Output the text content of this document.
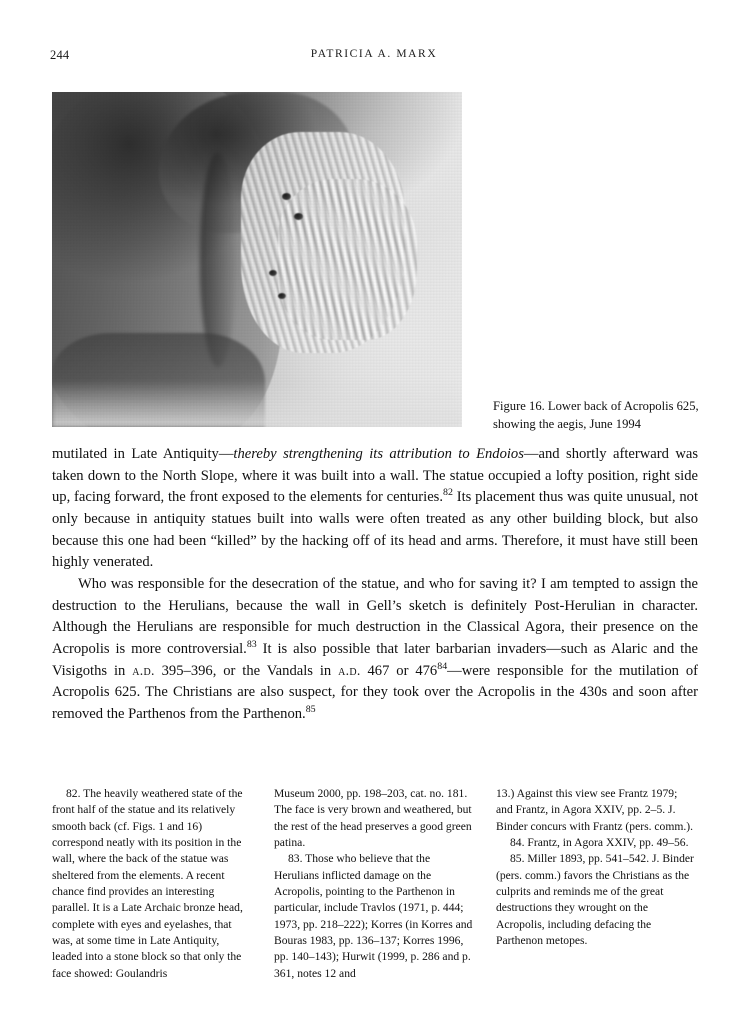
244	PATRICIA A. MARX
Figure 16. Lower back of Acropolis 625, showing the aegis, June 1994

mutilated in Late Antiquity—thereby strengthening its attribution to Endoios—and shortly afterward was taken down to the North Slope, where it was built into a wall. The statue occupied a lofty position, right side up, facing forward, the front exposed to the elements for centuries.$^{82}$ Its placement thus was quite unusual, not only because in antiquity statues built into walls were often treated as any other building block, but also because this one had been “killed” by the hacking off of its head and arms. Therefore, it must have still been highly venerated.

Who was responsible for the desecration of the statue, and who for saving it? I am tempted to assign the destruction to the Herulians, because the wall in Gell’s sketch is definitely Post-Herulian in character. Although the Herulians are responsible for much destruction in the Classical Agora, their presence on the Acropolis is more controversial.$^{83}$ It is also possible that later barbarian invaders—such as Alaric and the Visigoths in a.d. 395–396, or the Vandals in a.d. 467 or $476^{84}—were$ responsible for the mutilation of Acropolis 625. The Christians are also suspect, for they took over the Acropolis in the 430s and soon after removed the Parthenos from the Parthenon.$^{85}$

82. The heavily weathered state of the front half of the statue and its relatively smooth back (cf. Figs. 1 and 16) correspond neatly with its position in the wall, where the back of the statue was sheltered from the elements. A recent chance find provides an interesting parallel. It is a Late Archaic bronze head, complete with eyes and eyelashes, that was, at some time in Late Antiquity, leaded into a stone block so that only the face showed: Goulandris

Museum 2000, pp. 198–203, cat. no. 181. The face is very brown and weathered, but the rest of the head preserves a good green patina.

83. Those who believe that the Herulians inflicted damage on the Acropolis, pointing to the Parthenon in particular, include Travlos (1971, p. 444; 1973, pp. 218–222); Korres (in Korres and Bouras 1983, pp. 136–137; Korres 1996, pp. 140–143); Hurwit (1999, p. 286 and p. 361, notes 12 and

13.) Against this view see Frantz 1979; and Frantz, in Agora XXIV, pp. 2–5. J. Binder concurs with Frantz (pers. comm.).

84. Frantz, in Agora XXIV, pp. 49–56.

85. Miller 1893, pp. 541–542. J. Binder (pers. comm.) favors the Christians as the culprits and reminds me of the great destructions they wrought on the Acropolis, including defacing the Parthenon metopes.
